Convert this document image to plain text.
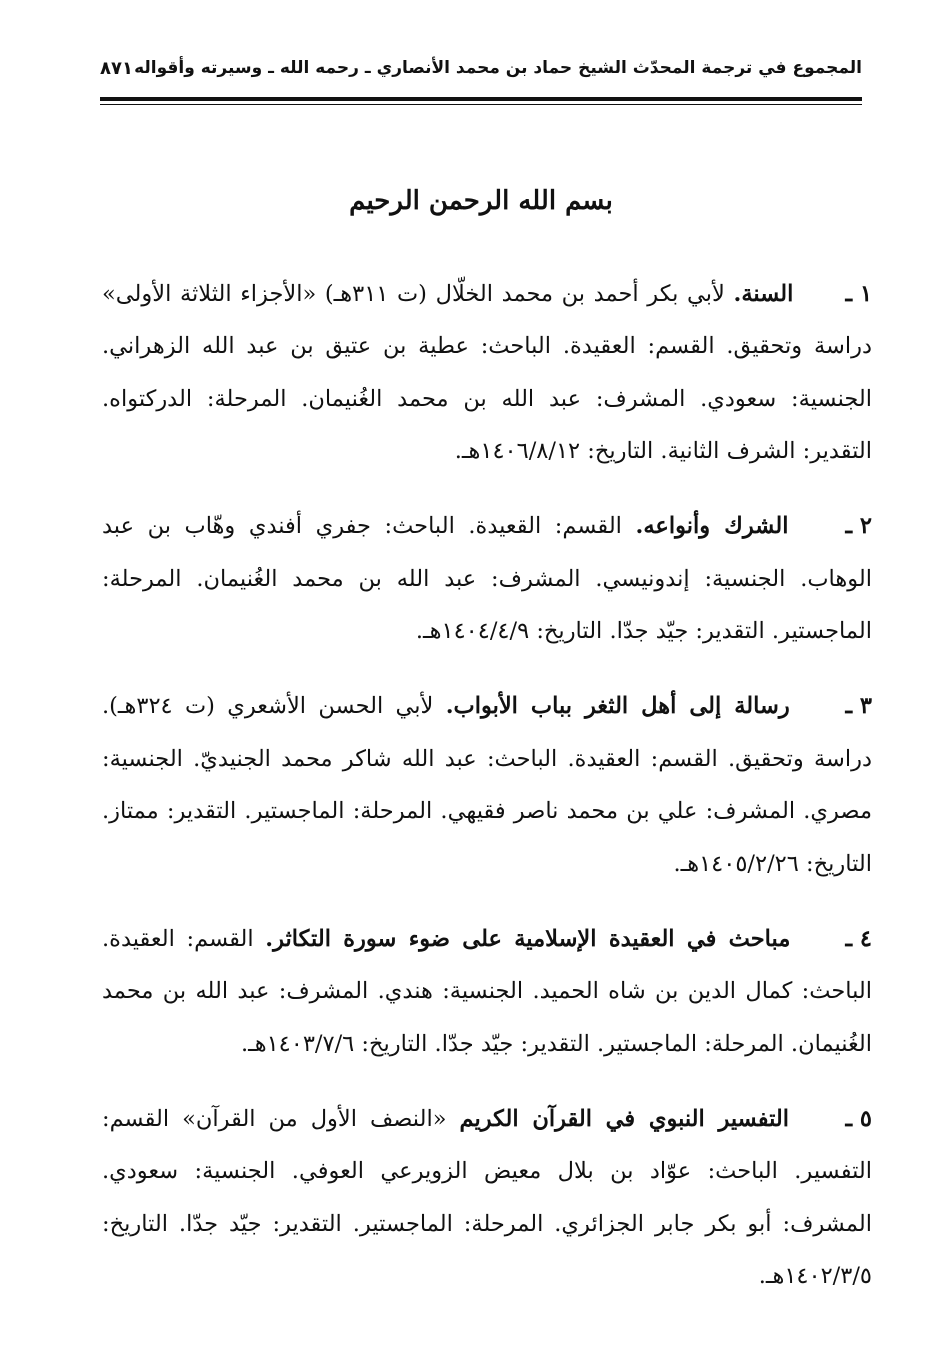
المجموع في ترجمة المحدّث الشيخ حماد بن محمد الأنصاري ـ رحمه الله ـ وسيرته وأقواله
٨٧١
بسم الله الرحمن الرحيم

١ ـ السنة. لأبي بكر أحمد بن محمد الخلّال (ت ٣١١هـ) «الأجزاء الثلاثة الأولى» دراسة وتحقيق. القسم: العقيدة. الباحث: عطية بن عتيق بن عبد الله الزهراني. الجنسية: سعودي. المشرف: عبد الله بن محمد الغُنيمان. المرحلة: الدركتواه. التقدير: الشرف الثانية. التاريخ: ١٤٠٦/٨/١٢هـ.

٢ ـ الشرك وأنواعه. القسم: القعيدة. الباحث: جفري أفندي وهّاب بن عبد الوهاب. الجنسية: إندونيسي. المشرف: عبد الله بن محمد الغُنيمان. المرحلة: الماجستير. التقدير: جيّد جدّا. التاريخ: ١٤٠٤/٤/٩هـ.

٣ ـ رسالة إلى أهل الثغر بباب الأبواب. لأبي الحسن الأشعري (ت ٣٢٤هـ). دراسة وتحقيق. القسم: العقيدة. الباحث: عبد الله شاكر محمد الجنيديّ. الجنسية: مصري. المشرف: علي بن محمد ناصر فقيهي. المرحلة: الماجستير. التقدير: ممتاز. التاريخ: ١٤٠٥/٢/٢٦هـ.

٤ ـ مباحث في العقيدة الإسلامية على ضوء سورة التكاثر. القسم: العقيدة. الباحث: كمال الدين بن شاه الحميد. الجنسية: هندي. المشرف: عبد الله بن محمد الغُنيمان. المرحلة: الماجستير. التقدير: جيّد جدّا. التاريخ: ١٤٠٣/٧/٦هـ.

٥ ـ التفسير النبوي في القرآن الكريم «النصف الأول من القرآن» القسم: التفسير. الباحث: عوّاد بن بلال معيض الزويرعي العوفي. الجنسية: سعودي. المشرف: أبو بكر جابر الجزائري. المرحلة: الماجستير. التقدير: جيّد جدّا. التاريخ: ١٤٠٢/٣/٥هـ.
